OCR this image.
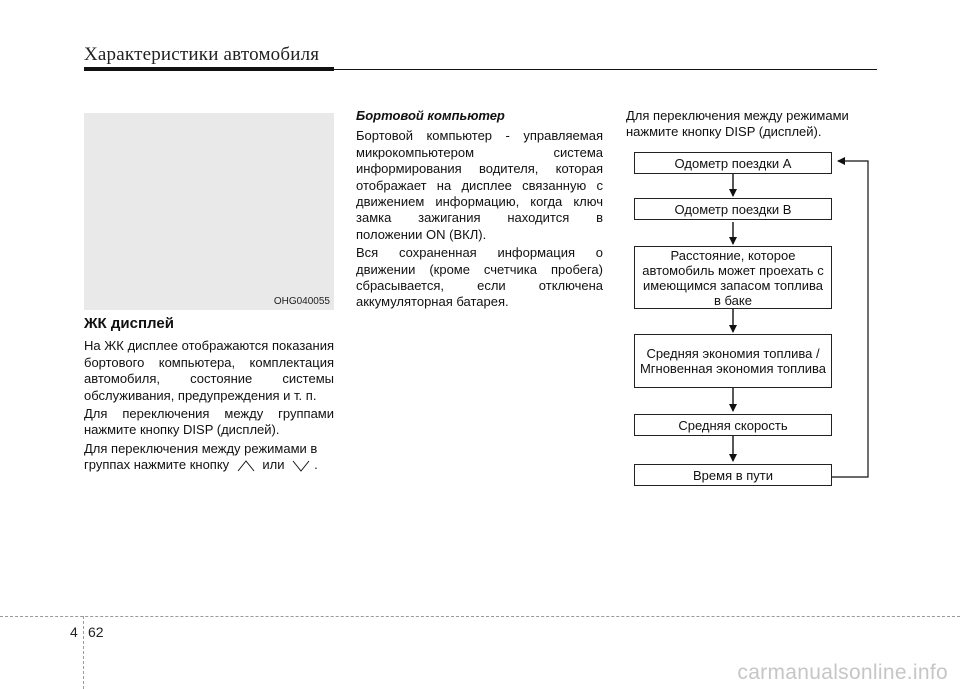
Характеристики автомобиля
OHG040055
ЖК дисплей

На ЖК дисплее отображаются показания бортового компьютера, комплектация автомобиля, состояние системы обслуживания, предупреждения и т. п.

Для переключения между группами нажмите кнопку DISP (дисплей).

Для переключения между режимами в группах нажмите кнопку	или .

Бортовой компьютер

Бортовой компьютер - управляемая микрокомпьютером система информирования водителя, которая отображает на дисплее связанную с движением информацию, когда ключ замка зажигания находится в положении ON (ВКЛ).

Вся сохраненная информация о движении (кроме счетчика пробега) сбрасывается, если отключена аккумуляторная батарея.

Для переключения между режимами нажмите кнопку DISP (дисплей).

Одометр поездки А
Одометр поездки B
Расстояние, которое автомобиль может проехать с имеющимся запасом топлива в баке
Средняя экономия топлива / Мгновенная экономия топлива
Средняя скорость
Время в пути
4 62
carmanualsonline.info
